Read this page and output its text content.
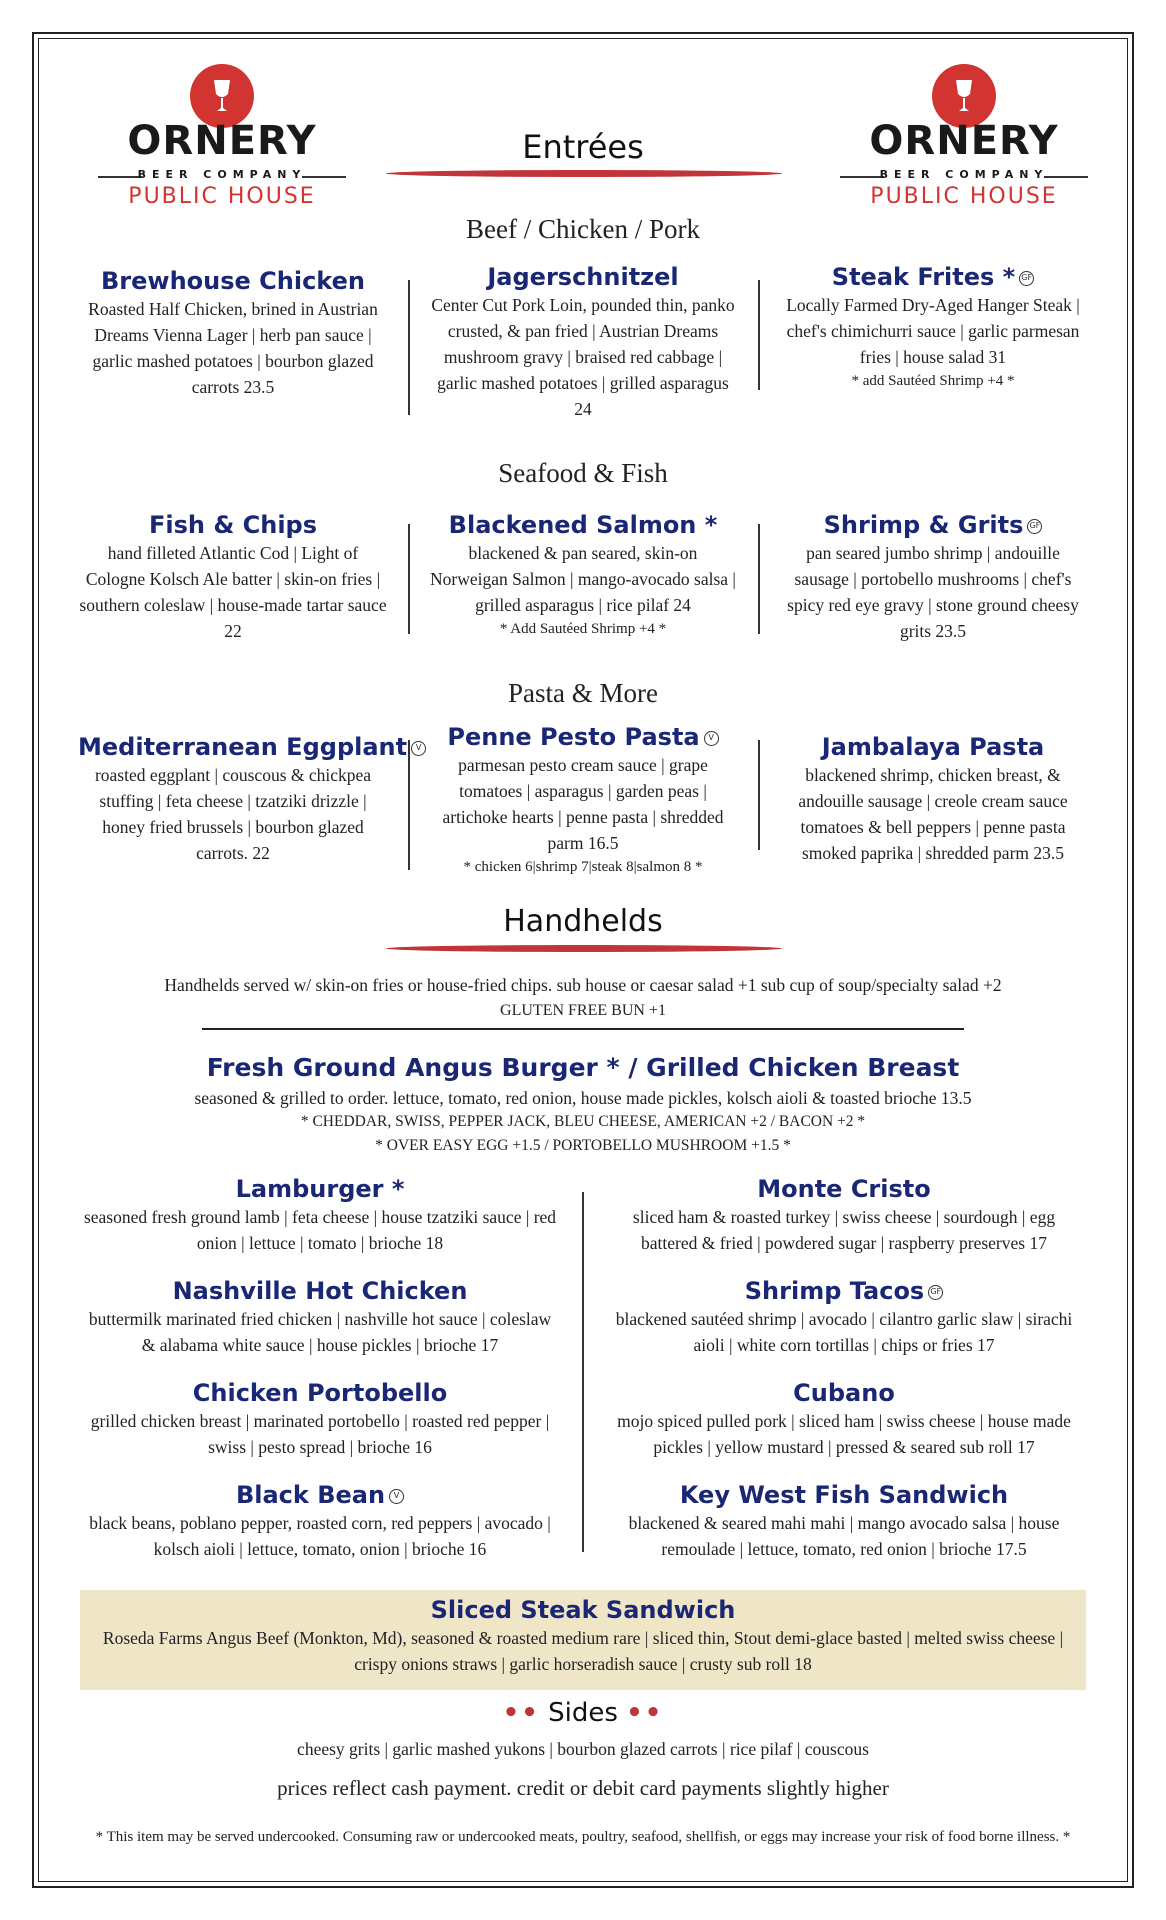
ORNERY
BEER COMPANY
PUBLIC HOUSE
ORNERY
BEER COMPANY
PUBLIC HOUSE
Entrées
Beef / Chicken / Pork
Brewhouse Chicken
Roasted Half Chicken, brined in Austrian Dreams Vienna Lager | herb pan sauce | garlic mashed potatoes | bourbon glazed carrots 23.5
Jagerschnitzel
Center Cut Pork Loin, pounded thin, panko crusted, & pan fried | Austrian Dreams mushroom gravy | braised red cabbage | garlic mashed potatoes | grilled asparagus 24
Steak Frites * GF
Locally Farmed Dry-Aged Hanger Steak | chef's chimichurri sauce | garlic parmesan fries | house salad 31
* add Sautéed Shrimp +4 *
Seafood & Fish
Fish & Chips
hand filleted Atlantic Cod | Light of Cologne Kolsch Ale batter | skin-on fries | southern coleslaw | house-made tartar sauce 22
Blackened Salmon *
blackened & pan seared, skin-on Norweigan Salmon | mango-avocado salsa | grilled asparagus | rice pilaf 24
* Add Sautéed Shrimp +4 *
Shrimp & Grits GF
pan seared jumbo shrimp | andouille sausage | portobello mushrooms | chef's spicy red eye gravy | stone ground cheesy grits 23.5
Pasta & More
Mediterranean Eggplant V
roasted eggplant | couscous & chickpea stuffing | feta cheese | tzatziki drizzle | honey fried brussels | bourbon glazed carrots. 22
Penne Pesto Pasta V
parmesan pesto cream sauce | grape tomatoes | asparagus | garden peas | artichoke hearts | penne pasta | shredded parm 16.5
* chicken 6|shrimp 7|steak 8|salmon 8 *
Jambalaya Pasta
blackened shrimp, chicken breast, & andouille sausage | creole cream sauce tomatoes & bell peppers | penne pasta smoked paprika | shredded parm 23.5
Handhelds
Handhelds served w/ skin-on fries or house-fried chips. sub house or caesar salad +1 sub cup of soup/specialty salad +2
GLUTEN FREE BUN +1
Fresh Ground Angus Burger * / Grilled Chicken Breast
seasoned & grilled to order. lettuce, tomato, red onion, house made pickles, kolsch aioli & toasted brioche 13.5
* CHEDDAR, SWISS, PEPPER JACK, BLEU CHEESE, AMERICAN +2 / BACON +2 *
* OVER EASY EGG +1.5 / PORTOBELLO MUSHROOM +1.5 *
Lamburger *
seasoned fresh ground lamb | feta cheese | house tzatziki sauce | red onion | lettuce | tomato | brioche 18
Nashville Hot Chicken
buttermilk marinated fried chicken | nashville hot sauce | coleslaw & alabama white sauce | house pickles | brioche 17
Chicken Portobello
grilled chicken breast | marinated portobello | roasted red pepper | swiss | pesto spread | brioche 16
Black Bean V
black beans, poblano pepper, roasted corn, red peppers | avocado | kolsch aioli | lettuce, tomato, onion | brioche 16
Monte Cristo
sliced ham & roasted turkey | swiss cheese | sourdough | egg battered & fried | powdered sugar | raspberry preserves 17
Shrimp Tacos GF
blackened sautéed shrimp | avocado | cilantro garlic slaw | sirachi aioli | white corn tortillas | chips or fries 17
Cubano
mojo spiced pulled pork | sliced ham | swiss cheese | house made pickles | yellow mustard | pressed & seared sub roll 17
Key West Fish Sandwich
blackened & seared mahi mahi | mango avocado salsa | house remoulade | lettuce, tomato, red onion | brioche 17.5
Sliced Steak Sandwich
Roseda Farms Angus Beef (Monkton, Md), seasoned & roasted medium rare | sliced thin, Stout demi-glace basted | melted swiss cheese | crispy onions straws | garlic horseradish sauce | crusty sub roll 18
•• Sides ••
cheesy grits | garlic mashed yukons | bourbon glazed carrots | rice pilaf | couscous
prices reflect cash payment. credit or debit card payments slightly higher
* This item may be served undercooked. Consuming raw or undercooked meats, poultry, seafood, shellfish, or eggs may increase your risk of food borne illness. *
